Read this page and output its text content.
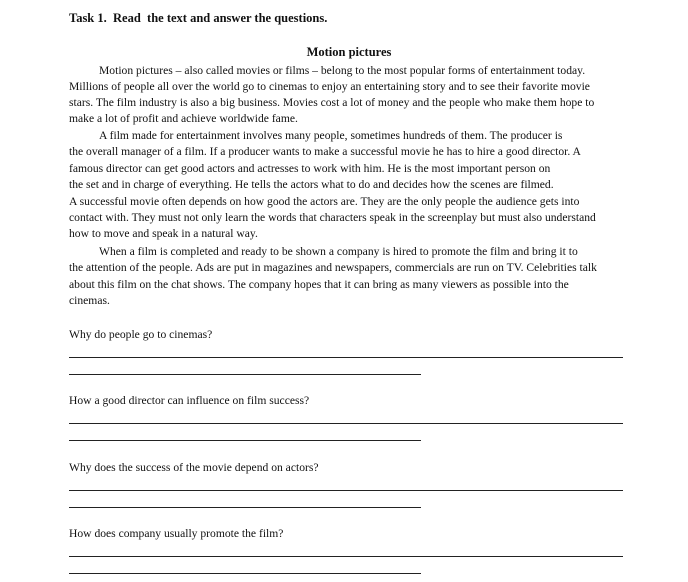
Task 1.  Read  the text and answer the questions.
Motion pictures
Motion pictures – also called movies or films – belong to the most popular forms of entertainment today.
Millions of people all over the world go to cinemas to enjoy an entertaining story and to see their favorite movie
stars. The film industry is also a big business. Movies cost a lot of money and the people who make them hope to
make a lot of profit and achieve worldwide fame.
A film made for entertainment involves many people, sometimes hundreds of them. The producer is
the overall manager of a film. If a producer wants to make a successful movie he has to hire a good director. A
famous director can get good actors and actresses to work with him. He is the most important person on
the set and in charge of everything. He tells the actors what to do and decides how the scenes are filmed.
A successful movie often depends on how good the actors are. They are the only people the audience gets into
contact with. They must not only learn the words that characters speak in the screenplay but must also understand
how to move and speak in a natural way.
When a film is completed and ready to be shown a company is hired to promote the film and bring it to
the attention of the people. Ads are put in magazines and newspapers, commercials are run on TV. Celebrities talk
about this film on the chat shows. The company hopes that it can bring as many viewers as possible into the
cinemas.
Why do people go to cinemas?
How a good director can influence on film success?
Why does the success of the movie depend on actors?
How does company usually promote the film?
